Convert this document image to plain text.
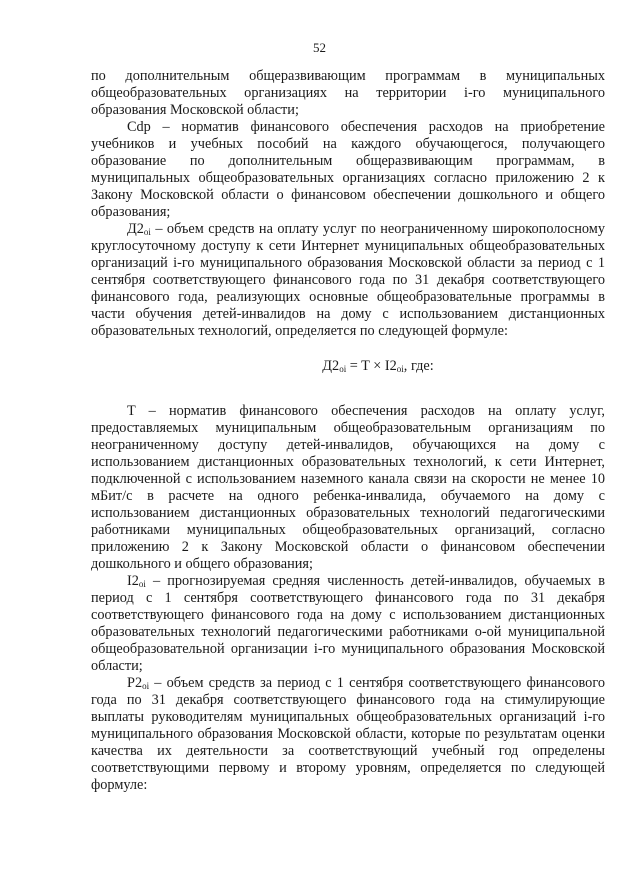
52

по дополнительным общеразвивающим программам в муниципальных общеобразовательных организациях на территории i-го муниципального образования Московской области;

Cdp – норматив финансового обеспечения расходов на приобретение учебников и учебных пособий на каждого обучающегося, получающего образование по дополнительным общеразвивающим программам, в муниципальных общеобразовательных организациях согласно приложению 2 к Закону Московской области о финансовом обеспечении дошкольного и общего образования;

$Д2_{oi}$ – объем средств на оплату услуг по неограниченному широкополосному круглосуточному доступу к сети Интернет муниципальных общеобразовательных организаций i-го муниципального образования Московской области за период с 1 сентября соответствующего финансового года по 31 декабря соответствующего финансового года, реализующих основные общеобразовательные программы в части обучения детей-инвалидов на дому с использованием дистанционных образовательных технологий, определяется по следующей формуле:

$Д2_{oi} = T \times I2_{oi}$, где:

T – норматив финансового обеспечения расходов на оплату услуг, предоставляемых муниципальным общеобразовательным организациям по неограниченному доступу детей-инвалидов, обучающихся на дому с использованием дистанционных образовательных технологий, к сети Интернет, подключенной с использованием наземного канала связи на скорости не менее 10 мБит/с в расчете на одного ребенка-инвалида, обучаемого на дому с использованием дистанционных образовательных технологий педагогическими работниками муниципальных общеобразовательных организаций, согласно приложению 2 к Закону Московской области о финансовом обеспечении дошкольного и общего образования;

$I2_{oi}$ – прогнозируемая средняя численность детей-инвалидов, обучаемых в период с 1 сентября соответствующего финансового года по 31 декабря соответствующего финансового года на дому с использованием дистанционных образовательных технологий педагогическими работниками о-ой муниципальной общеобразовательной организации i-го муниципального образования Московской области;

$P2_{oi}$ – объем средств за период с 1 сентября соответствующего финансового года по 31 декабря соответствующего финансового года на стимулирующие выплаты руководителям муниципальных общеобразовательных организаций i-го муниципального образования Московской области, которые по результатам оценки качества их деятельности за соответствующий учебный год определены соответствующими первому и второму уровням, определяется по следующей формуле:
